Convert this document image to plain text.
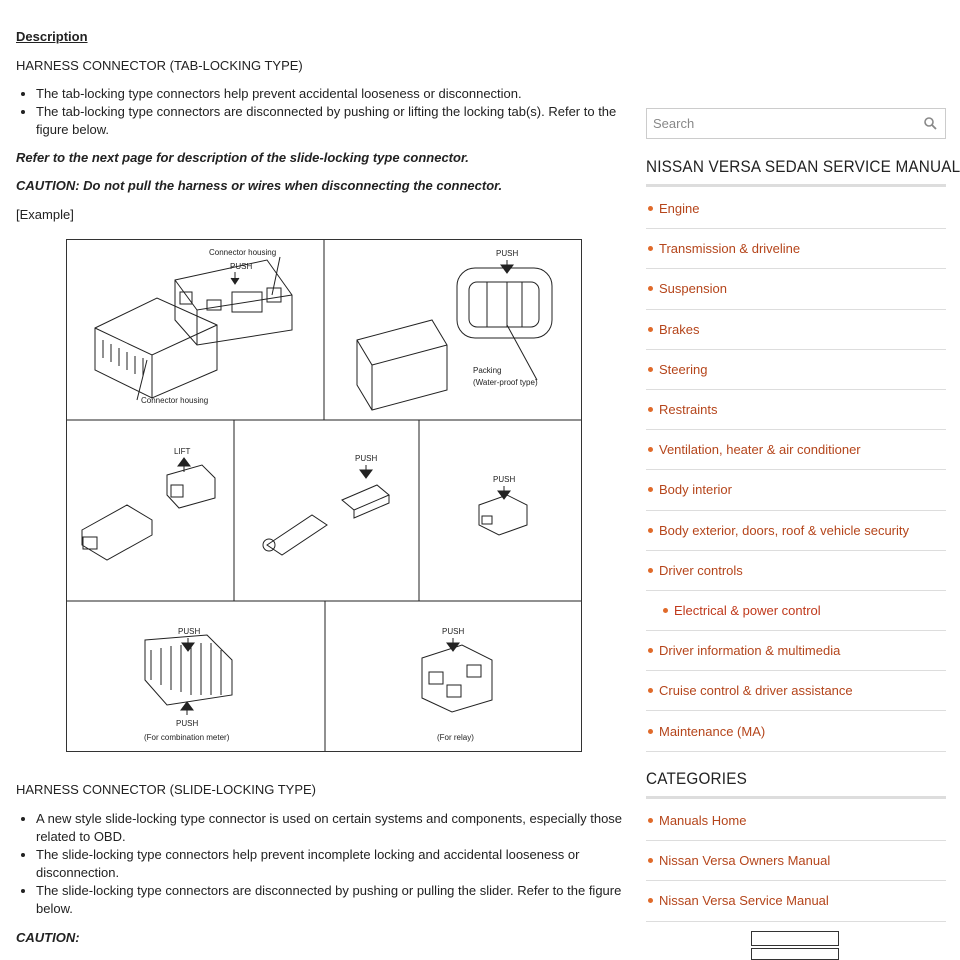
Description

HARNESS CONNECTOR (TAB-LOCKING TYPE)

• The tab-locking type connectors help prevent accidental looseness or disconnection.
• The tab-locking type connectors are disconnected by pushing or lifting the locking tab(s). Refer to the figure below.

Refer to the next page for description of the slide-locking type connector.

CAUTION: Do not pull the harness or wires when disconnecting the connector.

[Example]

Connector housing
PUSH
Connector housing
PUSH
Packing
(Water-proof type)
LIFT
PUSH
PUSH
PUSH
PUSH
(For combination meter)
PUSH
(For relay)

HARNESS CONNECTOR (SLIDE-LOCKING TYPE)

• A new style slide-locking type connector is used on certain systems and components, especially those related to OBD.
• The slide-locking type connectors help prevent incomplete locking and accidental looseness or disconnection.
• The slide-locking type connectors are disconnected by pushing or pulling the slider. Refer to the figure below.

CAUTION:

Search
NISSAN VERSA SEDAN SERVICE MANUAL
Engine
Transmission & driveline
Suspension
Brakes
Steering
Restraints
Ventilation, heater & air conditioner
Body interior
Body exterior, doors, roof & vehicle security
Driver controls
Electrical & power control
Driver information & multimedia
Cruise control & driver assistance
Maintenance (MA)
CATEGORIES
Manuals Home
Nissan Versa Owners Manual
Nissan Versa Service Manual
